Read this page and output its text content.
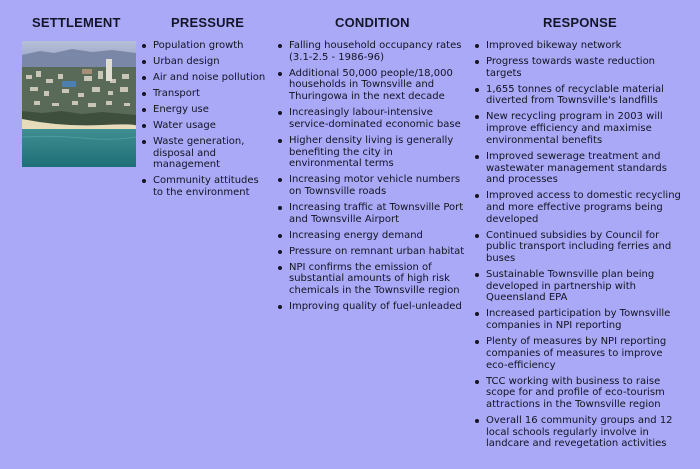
SETTLEMENT	PRESSURE	CONDITION	RESPONSE
Population growth
Urban design
Air and noise pollution
Transport
Energy use
Water usage
Waste generation, disposal and management
Community attitudes to the environment
Falling household occupancy rates (3.1-2.5 - 1986-96)
Additional 50,000 people/18,000 households in Townsville and Thuringowa in the next decade
Increasingly labour-intensive service-dominated economic base
Higher density living is generally benefiting the city in environmental terms
Increasing motor vehicle numbers on Townsville roads
Increasing traffic at Townsville Port and Townsville Airport
Increasing energy demand
Pressure on remnant urban habitat
NPI confirms the emission of substantial amounts of high risk chemicals in the Townsville region
Improving quality of fuel-unleaded
Improved bikeway network
Progress towards waste reduction targets
1,655 tonnes of recyclable material diverted from Townsville's landfills
New recycling program in 2003 will improve efficiency and maximise environmental benefits
Improved sewerage treatment and wastewater management standards and processes
Improved access to domestic recycling and more effective programs being developed
Continued subsidies by Council for public transport including ferries and buses
Sustainable Townsville plan being developed in partnership with Queensland EPA
Increased participation by Townsville companies in NPI reporting
Plenty of measures by NPI reporting companies of measures to improve eco-efficiency
TCC working with business to raise scope for and profile of eco-tourism attractions in the Townsville region
Overall 16 community groups and 12 local schools regularly involve in landcare and revegetation activities
